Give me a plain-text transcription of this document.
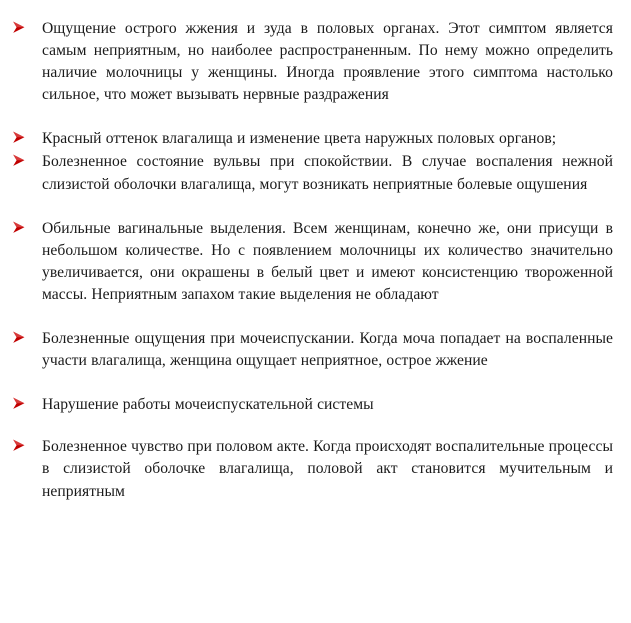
Ощущение острого жжения и зуда в половых органах. Этот симптом является самым неприятным, но наиболее распространенным. По нему можно определить наличие молочницы у женщины. Иногда проявление этого симптома настолько сильное, что может вызывать нервные раздражения
Красный оттенок влагалища и изменение цвета наружных половых органов;
Болезненное состояние вульвы при спокойствии. В случае воспаления нежной слизистой оболочки влагалища, могут возникать неприятные болевые ощушения
Обильные вагинальные выделения. Всем женщинам, конечно же, они присущи в небольшом количестве. Но с появлением молочницы их количество значительно увеличивается, они окрашены в белый цвет и имеют консистенцию твороженной массы. Неприятным запахом такие выделения не обладают
Болезненные ощущения при мочеиспускании. Когда моча попадает на воспаленные участи влагалища, женщина ощущает неприятное, острое жжение
Нарушение работы мочеиспускательной системы
Болезненное чувство при половом акте. Когда происходят воспалительные процессы в слизистой оболочке влагалища, половой акт становится мучительным и неприятным
